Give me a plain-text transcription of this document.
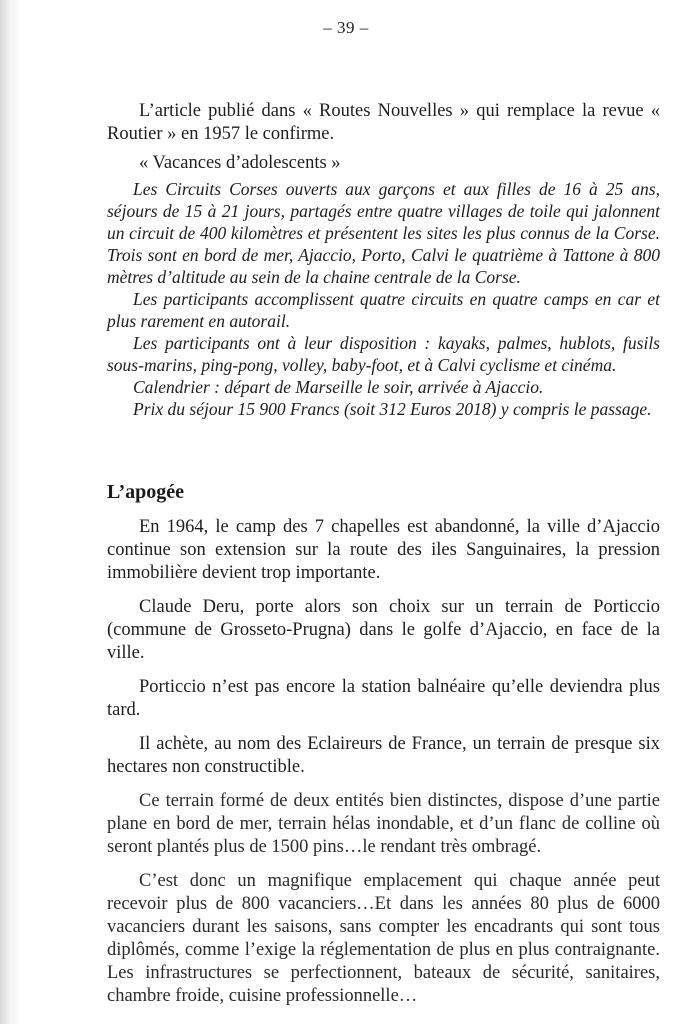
– 39 –

L’article publié dans « Routes Nouvelles » qui remplace la revue « Routier » en 1957 le confirme.

« Vacances d’adolescents »

Les Circuits Corses ouverts aux garçons et aux filles de 16 à 25 ans, séjours de 15 à 21 jours, partagés entre quatre villages de toile qui jalonnent un circuit de 400 kilomètres et présentent les sites les plus connus de la Corse. Trois sont en bord de mer, Ajaccio, Porto, Calvi le quatrième à Tattone à 800 mètres d’altitude au sein de la chaine centrale de la Corse.

Les participants accomplissent quatre circuits en quatre camps en car et plus rarement en autorail.

Les participants ont à leur disposition : kayaks, palmes, hublots, fusils sous-marins, ping-pong, volley, baby-foot, et à Calvi cyclisme et cinéma.

Calendrier : départ de Marseille le soir, arrivée à Ajaccio.

Prix du séjour 15 900 Francs (soit 312 Euros 2018) y compris le passage.

L’apogée

En 1964, le camp des 7 chapelles est abandonné, la ville d’Ajaccio continue son extension sur la route des iles Sanguinaires, la pression immobilière devient trop importante.

Claude Deru, porte alors son choix sur un terrain de Porticcio (commune de Grosseto-Prugna) dans le golfe d’Ajaccio, en face de la ville.

Porticcio n’est pas encore la station balnéaire qu’elle deviendra plus tard.

Il achète, au nom des Eclaireurs de France, un terrain de presque six hectares non constructible.

Ce terrain formé de deux entités bien distinctes, dispose d’une partie plane en bord de mer, terrain hélas inondable, et d’un flanc de colline où seront plantés plus de 1500 pins…le rendant très ombragé.

C’est donc un magnifique emplacement qui chaque année peut recevoir plus de 800 vacanciers…Et dans les années 80 plus de 6000 vacanciers durant les saisons, sans compter les encadrants qui sont tous diplômés, comme l’exige la réglementation de plus en plus contraignante. Les infrastructures se perfectionnent, bateaux de sécurité, sanitaires, chambre froide, cuisine professionnelle…
